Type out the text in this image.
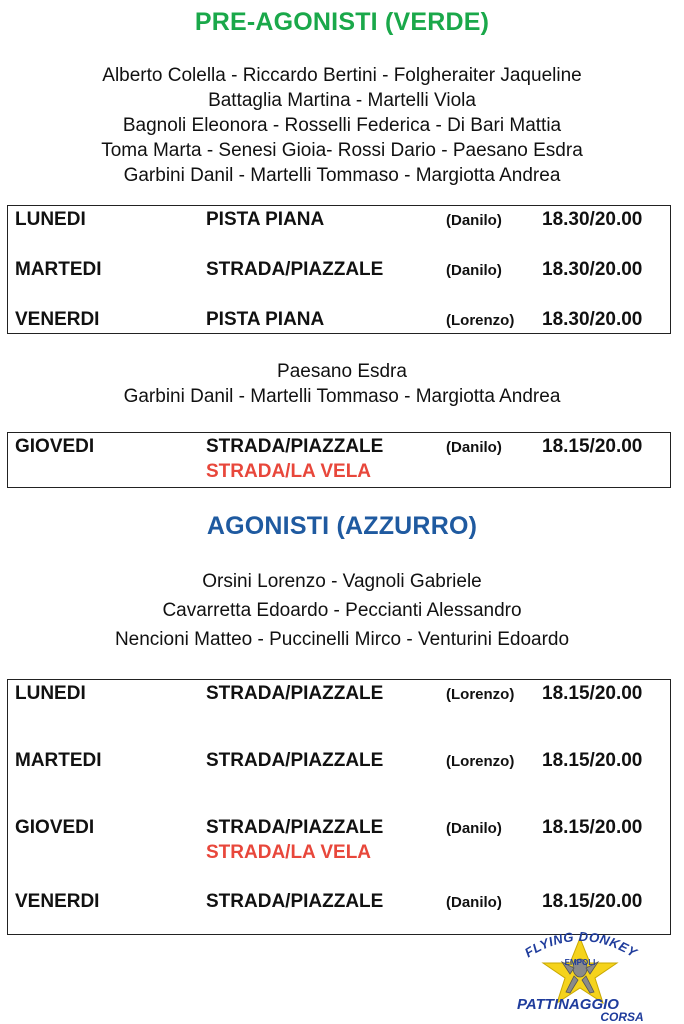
PRE-AGONISTI (VERDE)
Alberto Colella - Riccardo Bertini - Folgheraiter Jaqueline
Battaglia Martina - Martelli Viola
Bagnoli Eleonora - Rosselli Federica - Di Bari Mattia
Toma Marta - Senesi Gioia- Rossi Dario - Paesano Esdra
Garbini Danil - Martelli Tommaso - Margiotta Andrea
LUNEDI	PISTA PIANA	(Danilo) 18.30/20.00
MARTEDI	STRADA/PIAZZALE	(Danilo) 18.30/20.00
VENERDI	PISTA PIANA	(Lorenzo) 18.30/20.00
Paesano Esdra
Garbini Danil - Martelli Tommaso - Margiotta Andrea
GIOVEDI	STRADA/PIAZZALE	(Danilo) 18.15/20.00
STRADA/LA VELA
AGONISTI (AZZURRO)
Orsini Lorenzo - Vagnoli Gabriele
Cavarretta Edoardo - Peccianti Alessandro
Nencioni Matteo - Puccinelli Mirco - Venturini Edoardo
LUNEDI	STRADA/PIAZZALE	(Lorenzo) 18.15/20.00
MARTEDI	STRADA/PIAZZALE	(Lorenzo) 18.15/20.00
GIOVEDI	STRADA/PIAZZALE	(Danilo) 18.15/20.00
STRADA/LA VELA
VENERDI	STRADA/PIAZZALE	(Danilo) 18.15/20.00
FLYING DONKEY
EMPOLI
PATTINAGGIO
CORSA
